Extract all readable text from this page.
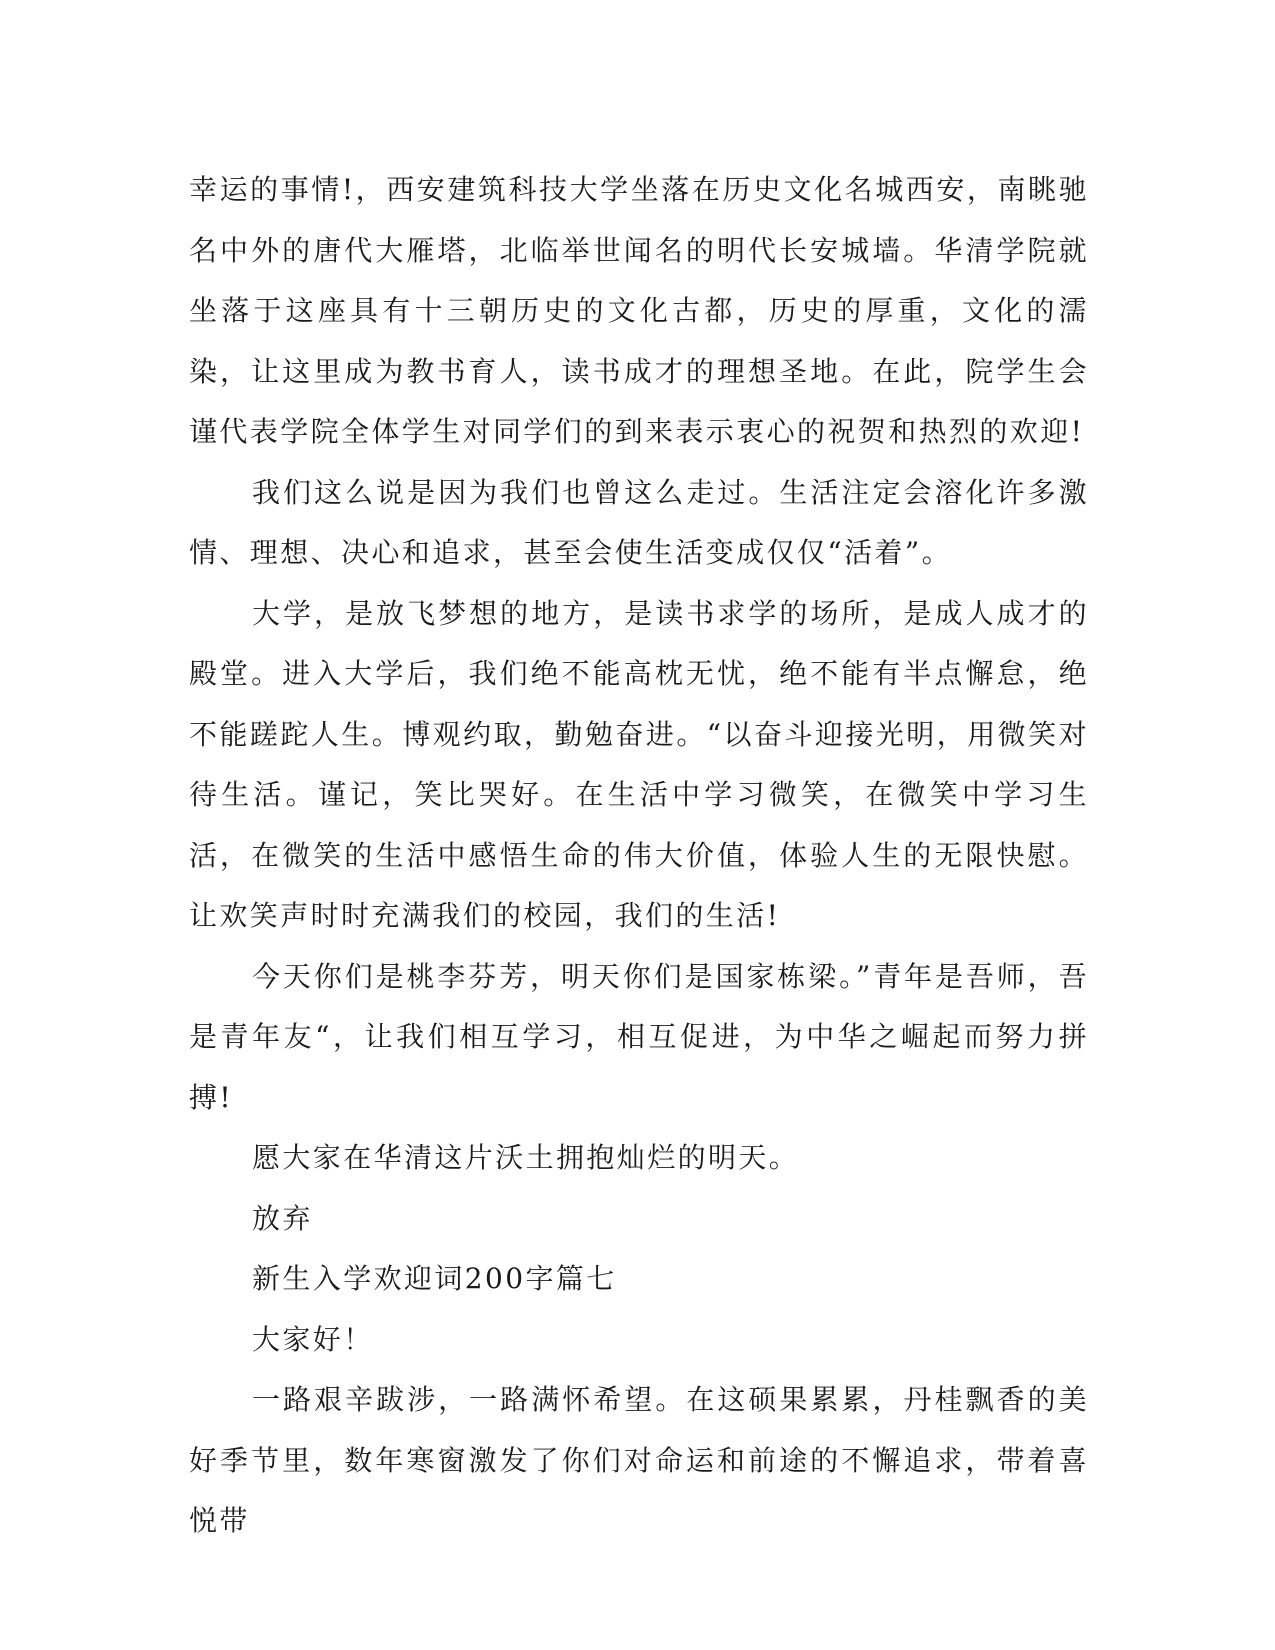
幸运的事情!，西安建筑科技大学坐落在历史文化名城西安，南眺驰名中外的唐代大雁塔，北临举世闻名的明代长安城墙。华清学院就坐落于这座具有十三朝历史的文化古都，历史的厚重，文化的濡染，让这里成为教书育人，读书成才的理想圣地。在此，院学生会谨代表学院全体学生对同学们的到来表示衷心的祝贺和热烈的欢迎!

我们这么说是因为我们也曾这么走过。生活注定会溶化许多激情、理想、决心和追求，甚至会使生活变成仅仅“活着”。

大学，是放飞梦想的地方，是读书求学的场所，是成人成才的殿堂。进入大学后，我们绝不能高枕无忧，绝不能有半点懈怠，绝不能蹉跎人生。博观约取，勤勉奋进。“以奋斗迎接光明，用微笑对待生活。谨记，笑比哭好。在生活中学习微笑，在微笑中学习生活，在微笑的生活中感悟生命的伟大价值，体验人生的无限快慰。让欢笑声时时充满我们的校园，我们的生活!

今天你们是桃李芬芳，明天你们是国家栋梁。”青年是吾师，吾是青年友“，让我们相互学习，相互促进，为中华之崛起而努力拼搏!

愿大家在华清这片沃土拥抱灿烂的明天。

放弃

新生入学欢迎词200字篇七

大家好！

一路艰辛跋涉，一路满怀希望。在这硕果累累，丹桂飘香的美好季节里，数年寒窗激发了你们对命运和前途的不懈追求，带着喜悦带
